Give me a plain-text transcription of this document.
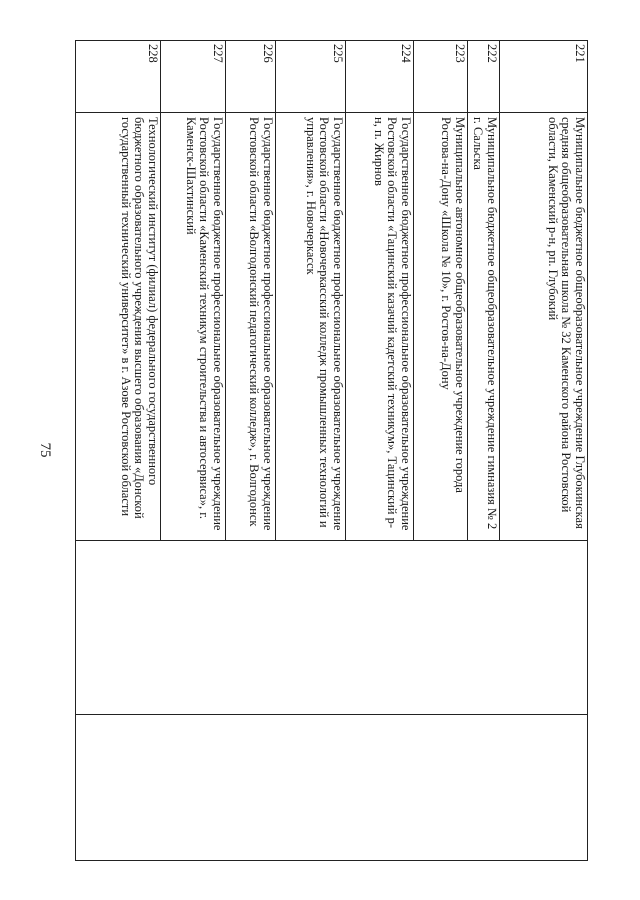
75
221	Муниципальное бюджетное общеобразовательное учреждение Глубокинская средняя общеобразовательная школа № 32 Каменского района Ростовской области, Каменский р-н, рп. Глубокий		
222	Муниципальное бюджетное общеобразовательное учреждение гимназия № 2 г. Сальска		
223	Муниципальное автономное общеобразовательное учреждение города Ростова-на-Дону «Школа № 10», г. Ростов-на-Дону		
224	Государственное бюджетное профессиональное образовательное учреждение Ростовской области «Тацинский казачий кадетский техникум», Тацинский р-н, п. Жирнов		
225	Государственное бюджетное профессиональное образовательное учреждение Ростовской области «Новочеркасский колледж промышленных технологий и управления», г. Новочеркасск		
226	Государственное бюджетное профессиональное образовательное учреждение Ростовской области «Волгодонский педагогический колледж», г. Волгодонск		
227	Государственное бюджетное профессиональное образовательное учреждение Ростовской области «Каменский техникум строительства и автосервиса», г. Каменск-Шахтинский		
228	Технологический институт (филиал) федерального государственного бюджетного образовательного учреждения высшего образования «Донской государственный технический университет» в г. Азове Ростовской области		
